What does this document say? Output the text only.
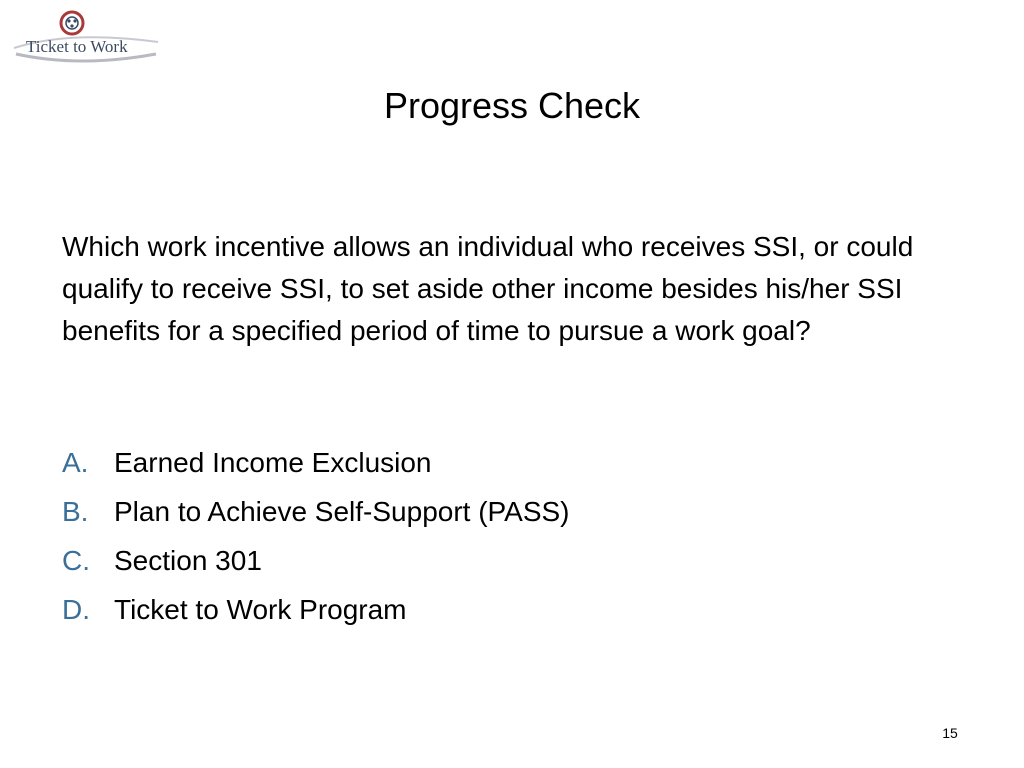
Ticket to Work
Progress Check

Which work incentive allows an individual who receives SSI, or could qualify to receive SSI, to set aside other income besides his/her SSI benefits for a specified period of time to pursue a work goal?

A. Earned Income Exclusion
B. Plan to Achieve Self-Support (PASS)
C. Section 301
D. Ticket to Work Program
15
